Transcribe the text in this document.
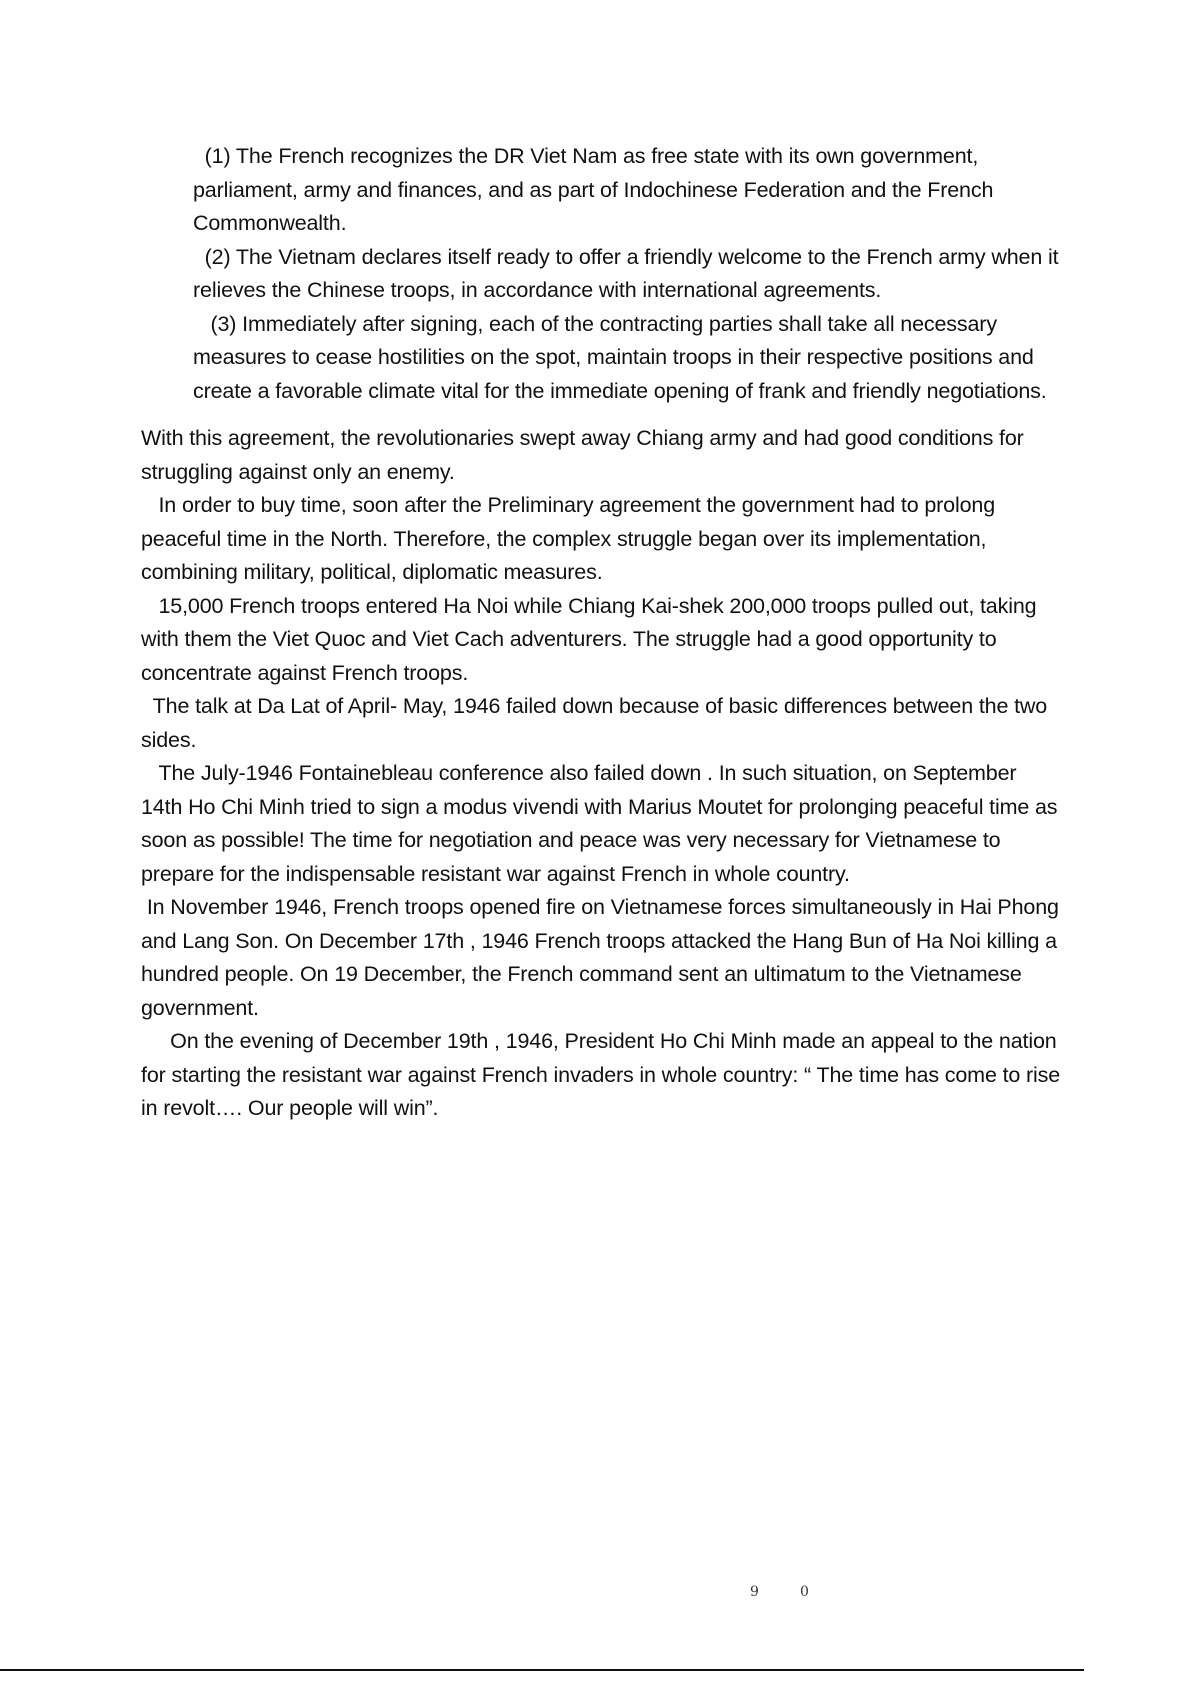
(1) The French recognizes the DR Viet Nam as free state with its own government, parliament, army and finances, and as part of Indochinese Federation and the French Commonwealth.

(2) The Vietnam declares itself ready to offer a friendly welcome to the French army when it relieves the Chinese troops, in accordance with international agreements.

(3) Immediately after signing, each of the contracting parties shall take all necessary measures to cease hostilities on the spot, maintain troops in their respective positions and create a favorable climate vital for the immediate opening of frank and friendly negotiations.

With this agreement, the revolutionaries swept away Chiang army and had good conditions for struggling against only an enemy.

In order to buy time, soon after the Preliminary agreement the government had to prolong peaceful time in the North. Therefore, the complex struggle began over its implementation, combining military, political, diplomatic measures.

15,000 French troops entered Ha Noi while Chiang Kai-shek 200,000 troops pulled out, taking with them the Viet Quoc and Viet Cach adventurers. The struggle had a good opportunity to concentrate against French troops.

The talk at Da Lat of April- May, 1946 failed down because of basic differences between the two sides.

The July-1946 Fontainebleau conference also failed down . In such situation, on September 14th Ho Chi Minh tried to sign a modus vivendi with Marius Moutet for prolonging peaceful time as soon as possible! The time for negotiation and peace was very necessary for Vietnamese to prepare for the indispensable resistant war against French in whole country.

In November 1946, French troops opened fire on Vietnamese forces simultaneously in Hai Phong and Lang Son. On December 17th , 1946 French troops attacked the Hang Bun of Ha Noi killing a hundred people. On 19 December, the French command sent an ultimatum to the Vietnamese government.

On the evening of December 19th , 1946, President Ho Chi Minh made an appeal to the nation for starting the resistant war against French invaders in whole country: “ The time has come to rise in revolt…. Our people will win”.

9	0
